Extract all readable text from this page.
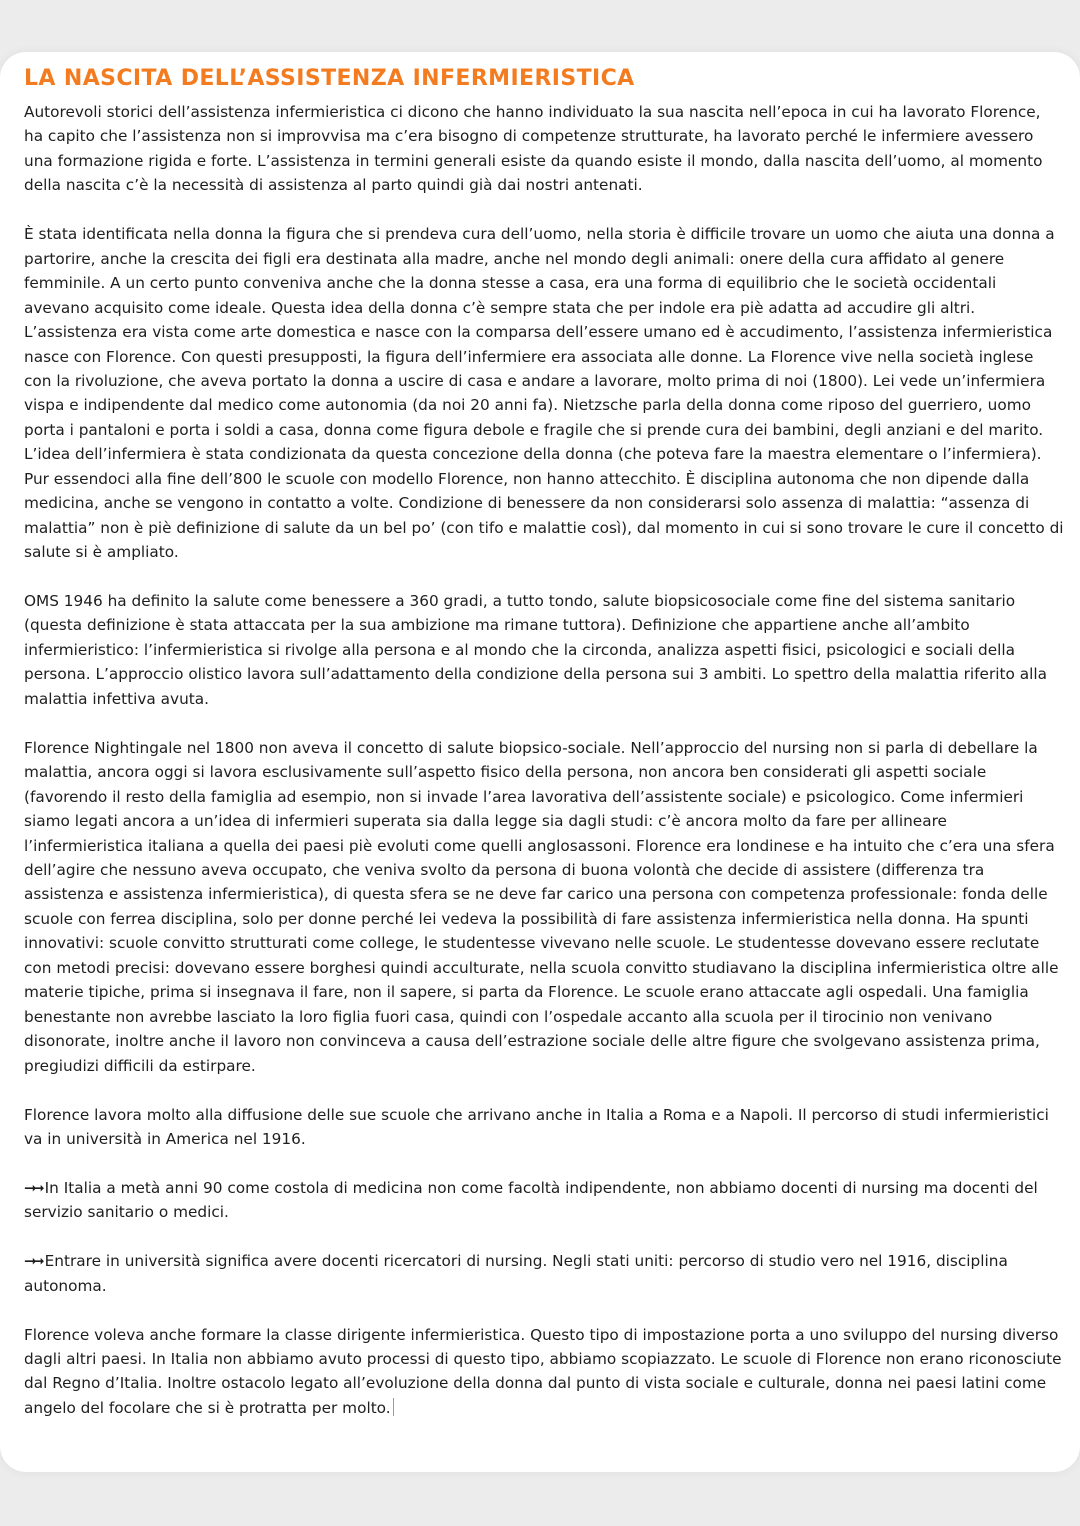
LA NASCITA DELL’ASSISTENZA INFERMIERISTICA

Autorevoli storici dell’assistenza infermieristica ci dicono che hanno individuato la sua nascita nell’epoca in cui ha lavorato Florence, ha capito che l’assistenza non si improvvisa ma c’era bisogno di competenze strutturate, ha lavorato perché le infermiere avessero una formazione rigida e forte. L’assistenza in termini generali esiste da quando esiste il mondo, dalla nascita dell’uomo, al momento della nascita c’è la necessità di assistenza al parto quindi già dai nostri antenati.

È stata identificata nella donna la figura che si prendeva cura dell’uomo, nella storia è difficile trovare un uomo che aiuta una donna a partorire, anche la crescita dei figli era destinata alla madre, anche nel mondo degli animali: onere della cura affidato al genere femminile. A un certo punto conveniva anche che la donna stesse a casa, era una forma di equilibrio che le società occidentali avevano acquisito come ideale. Questa idea della donna c’è sempre stata che per indole era piè adatta ad accudire gli altri. L’assistenza era vista come arte domestica e nasce con la comparsa dell’essere umano ed è accudimento, l’assistenza infermieristica nasce con Florence. Con questi presupposti, la figura dell’infermiere era associata alle donne. La Florence vive nella società inglese con la rivoluzione, che aveva portato la donna a uscire di casa e andare a lavorare, molto prima di noi (1800). Lei vede un’infermiera vispa e indipendente dal medico come autonomia (da noi 20 anni fa). Nietzsche parla della donna come riposo del guerriero, uomo porta i pantaloni e porta i soldi a casa, donna come figura debole e fragile che si prende cura dei bambini, degli anziani e del marito. L’idea dell’infermiera è stata condizionata da questa concezione della donna (che poteva fare la maestra elementare o l’infermiera). Pur essendoci alla fine dell’800 le scuole con modello Florence, non hanno attecchito. È disciplina autonoma che non dipende dalla medicina, anche se vengono in contatto a volte. Condizione di benessere da non considerarsi solo assenza di malattia: “assenza di malattia” non è piè definizione di salute da un bel po’ (con tifo e malattie così), dal momento in cui si sono trovare le cure il concetto di salute si è ampliato.

OMS 1946 ha definito la salute come benessere a 360 gradi, a tutto tondo, salute biopsicosociale come fine del sistema sanitario (questa definizione è stata attaccata per la sua ambizione ma rimane tuttora). Definizione che appartiene anche all’ambito infermieristico: l’infermieristica si rivolge alla persona e al mondo che la circonda, analizza aspetti fisici, psicologici e sociali della persona. L’approccio olistico lavora sull’adattamento della condizione della persona sui 3 ambiti. Lo spettro della malattia riferito alla malattia infettiva avuta.

Florence Nightingale nel 1800 non aveva il concetto di salute biopsico-sociale. Nell’approccio del nursing non si parla di debellare la malattia, ancora oggi si lavora esclusivamente sull’aspetto fisico della persona, non ancora ben considerati gli aspetti sociale (favorendo il resto della famiglia ad esempio, non si invade l’area lavorativa dell’assistente sociale) e psicologico. Come infermieri siamo legati ancora a un’idea di infermieri superata sia dalla legge sia dagli studi: c’è ancora molto da fare per allineare l’infermieristica italiana a quella dei paesi piè evoluti come quelli anglosassoni. Florence era londinese e ha intuito che c’era una sfera dell’agire che nessuno aveva occupato, che veniva svolto da persona di buona volontà che decide di assistere (differenza tra assistenza e assistenza infermieristica), di questa sfera se ne deve far carico una persona con competenza professionale: fonda delle scuole con ferrea disciplina, solo per donne perché lei vedeva la possibilità di fare assistenza infermieristica nella donna. Ha spunti innovativi: scuole convitto strutturati come college, le studentesse vivevano nelle scuole. Le studentesse dovevano essere reclutate con metodi precisi: dovevano essere borghesi quindi acculturate, nella scuola convitto studiavano la disciplina infermieristica oltre alle materie tipiche, prima si insegnava il fare, non il sapere, si parta da Florence. Le scuole erano attaccate agli ospedali. Una famiglia benestante non avrebbe lasciato la loro figlia fuori casa, quindi con l’ospedale accanto alla scuola per il tirocinio non venivano disonorate, inoltre anche il lavoro non convinceva a causa dell’estrazione sociale delle altre figure che svolgevano assistenza prima, pregiudizi difficili da estirpare.

Florence lavora molto alla diffusione delle sue scuole che arrivano anche in Italia a Roma e a Napoli. Il percorso di studi infermieristici va in università in America nel 1916.

➞➞ In Italia a metà anni 90 come costola di medicina non come facoltà indipendente, non abbiamo docenti di nursing ma docenti del servizio sanitario o medici.

➞➞ Entrare in università significa avere docenti ricercatori di nursing. Negli stati uniti: percorso di studio vero nel 1916, disciplina autonoma.

Florence voleva anche formare la classe dirigente infermieristica. Questo tipo di impostazione porta a uno sviluppo del nursing diverso dagli altri paesi. In Italia non abbiamo avuto processi di questo tipo, abbiamo scopiazzato. Le scuole di Florence non erano riconosciute dal Regno d’Italia. Inoltre ostacolo legato all’evoluzione della donna dal punto di vista sociale e culturale, donna nei paesi latini come angelo del focolare che si è protratta per molto.
